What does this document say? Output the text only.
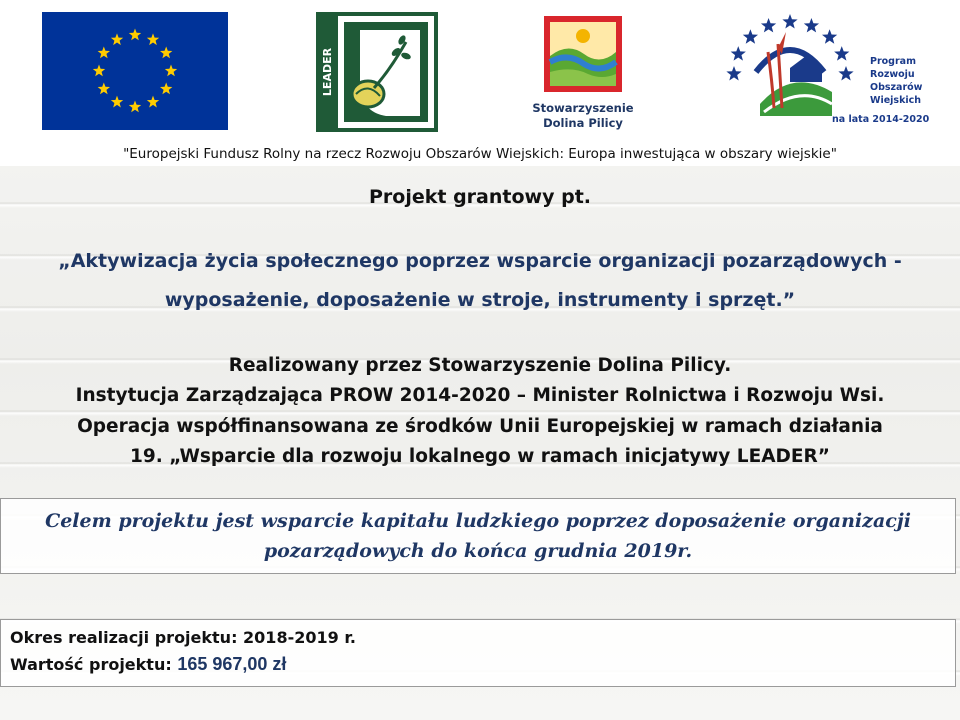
LEADER
Stowarzyszenie
Dolina Pilicy
Program
Rozwoju
Obszarów
Wiejskich
na lata 2014-2020
"Europejski Fundusz Rolny na rzecz Rozwoju Obszarów Wiejskich: Europa inwestująca w obszary wiejskie"
Projekt grantowy pt.
„Aktywizacja życia społecznego poprzez wsparcie organizacji pozarządowych -
wyposażenie, doposażenie w stroje, instrumenty i sprzęt.”
Realizowany przez Stowarzyszenie Dolina Pilicy.
Instytucja Zarządzająca PROW 2014-2020 – Minister Rolnictwa i Rozwoju Wsi.
Operacja współfinansowana ze środków Unii Europejskiej w ramach działania
19. „Wsparcie dla rozwoju lokalnego w ramach inicjatywy LEADER”
Celem projektu jest wsparcie kapitału ludzkiego poprzez doposażenie organizacji
pozarządowych do końca grudnia 2019r.
Okres realizacji projektu: 2018-2019 r.
Wartość projektu: 165 967,00 zł
